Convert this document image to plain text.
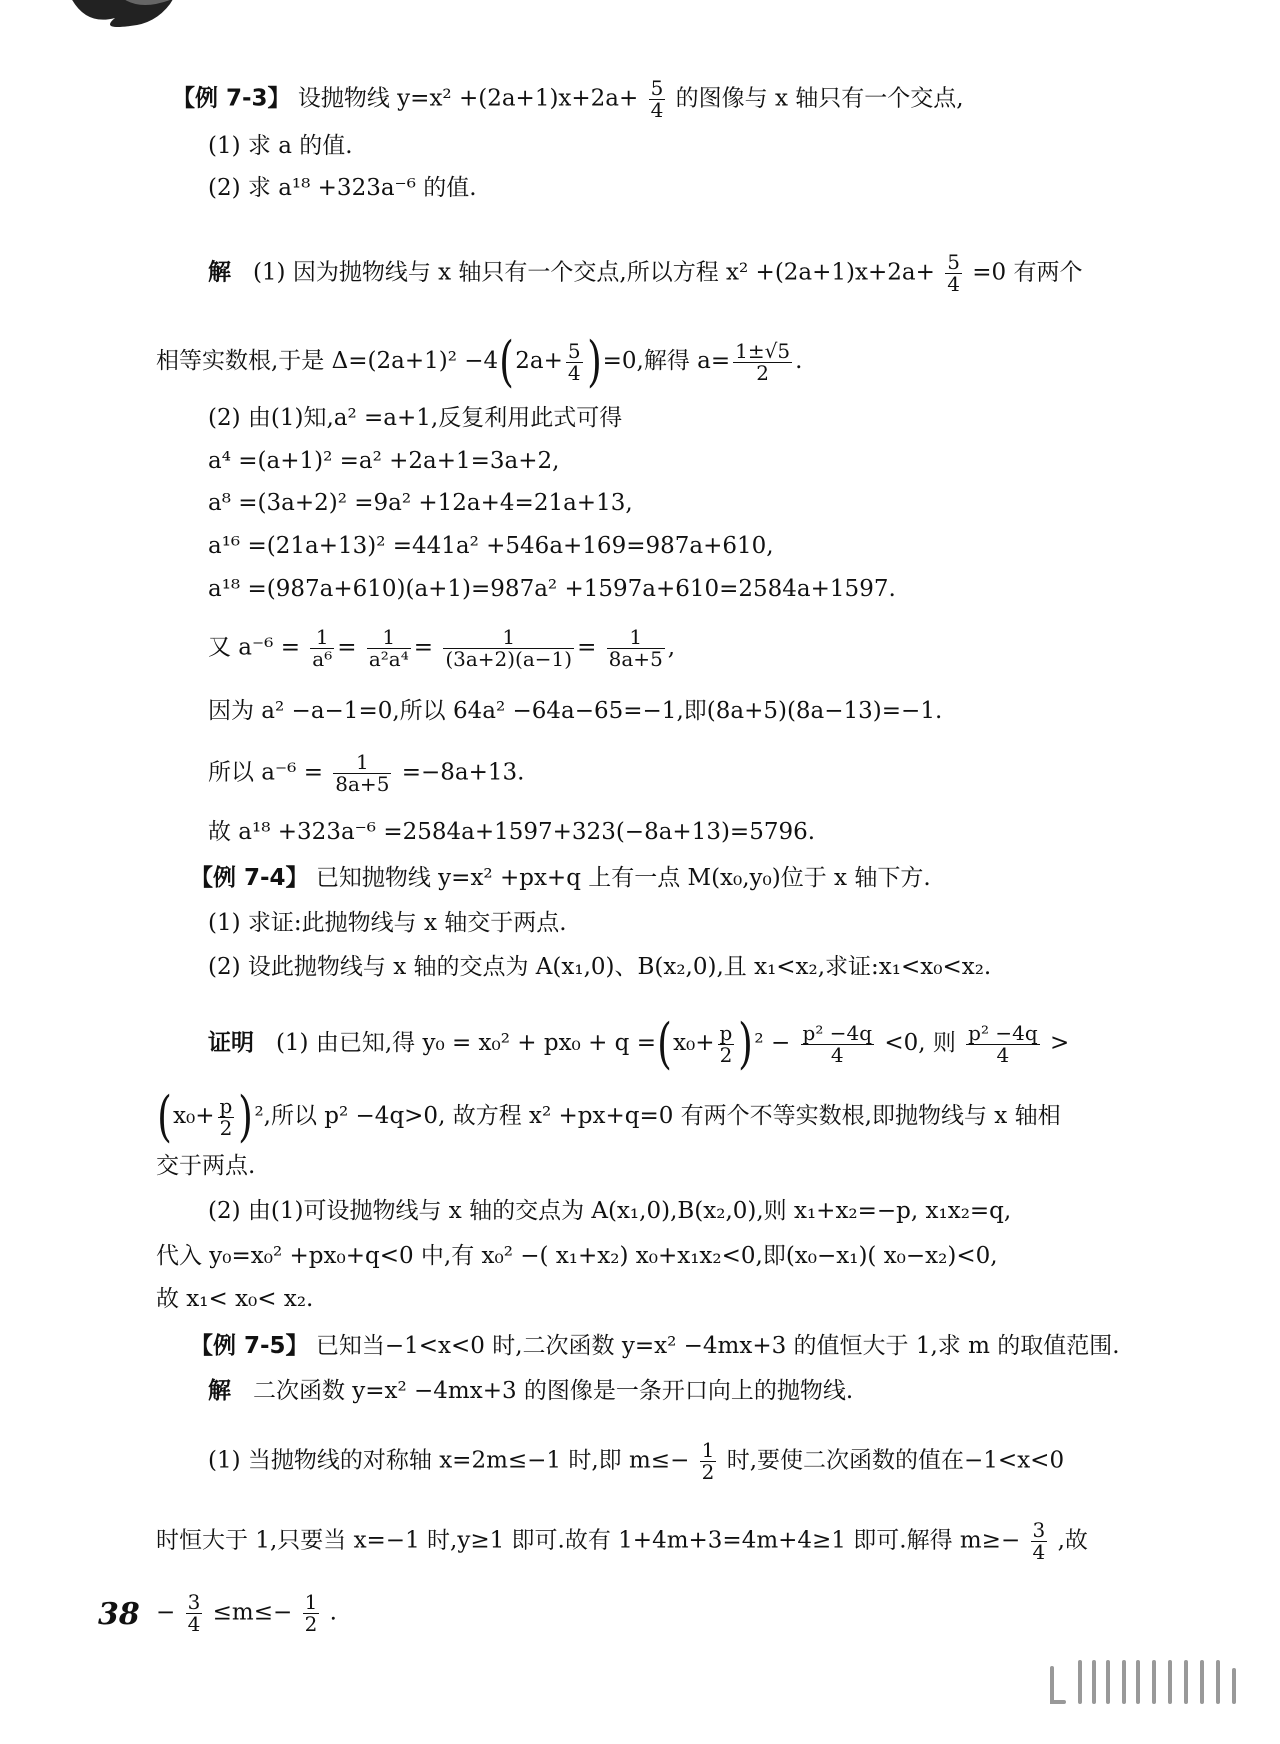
【例 7-3】 设抛物线 $y=x^2 +(2a+1)x+2a+ \frac{5}{4}$ 的图像与 x 轴只有一个交点,
(1) 求 a 的值.
(2) 求 a¹⁸ +323a⁻⁶ 的值.
解 (1) 因为抛物线与 x 轴只有一个交点,所以方程 $x^2 +(2a+1)x+2a+ \frac{5}{4} =0$ 有两个
相等实数根,于是 $\Delta=(2a+1)^2 -4(2a+ \frac{5}{4} )=0$,解得 $a= \frac{1\pm√5}{2}$ .
(2) 由(1)知,a² =a+1,反复利用此式可得
a⁴ =(a+1)² =a² +2a+1=3a+2,
a⁸ =(3a+2)² =9a² +12a+4=21a+13,
a¹⁶ =(21a+13)² =441a² +546a+169=987a+610,
a¹⁸ =(987a+610)(a+1)=987a² +1597a+610=2584a+1597.
又 $a^{-6} = \frac{1}{\text{a⁶}} = \frac{1}{\text{a²a⁴}} = \frac{1}{(3a+2)(a-1)} = \frac{1}{8a+5}$ ,
因为 a² −a−1=0,所以 64a² −64a−65=−1,即(8a+5)(8a−13)=−1.
所以 $a^{-6} = \frac{1}{8a+5} =-8a+13$.
故 a¹⁸ +323a⁻⁶ =2584a+1597+323(−8a+13)=5796.
【例 7-4】 已知抛物线 y=x² +px+q 上有一点 M(x₀,y₀)位于 x 轴下方.
(1) 求证:此抛物线与 x 轴交于两点.
(2) 设此抛物线与 x 轴的交点为 A(x₁,0)、B(x₂,0),且 x₁<x₂,求证:x₁<x₀<x₂.
证明 (1) 由已知,得 $y_0 = x_0^2 + px_0 + q =(x_0+ \frac{p}{2} )^2 - \frac{\text{p² −4q}}{4} <0$, 则 $\frac{\text{p² −4q}}{4}$ >
$(x_0+ \frac{p}{2} )^2$,所以 p² −4q>0, 故方程 x² +px+q=0 有两个不等实数根,即抛物线与 x 轴相
交于两点.
(2) 由(1)可设抛物线与 x 轴的交点为 A(x₁,0),B(x₂,0),则 x₁+x₂=−p, x₁x₂=q,
代入 y₀=x₀² +px₀+q<0 中,有 x₀² −( x₁+x₂) x₀+x₁x₂<0,即(x₀−x₁)( x₀−x₂)<0,
故 x₁< x₀< x₂.
【例 7-5】 已知当−1<x<0 时,二次函数 y=x² −4mx+3 的值恒大于 1,求 m 的取值范围.
解 二次函数 y=x² −4mx+3 的图像是一条开口向上的抛物线.
(1) 当抛物线的对称轴 x=2m≤−1 时,即 $m\le- \frac{1}{2}$ 时,要使二次函数的值在−1<x<0
时恒大于 1,只要当 x=−1 时,y≥1 即可.故有 1+4m+3=4m+4≥1 即可.解得 $m\ge- \frac{3}{4}$ ,故
− $\frac{3}{4} \le m\le- \frac{1}{2}$ .
38
